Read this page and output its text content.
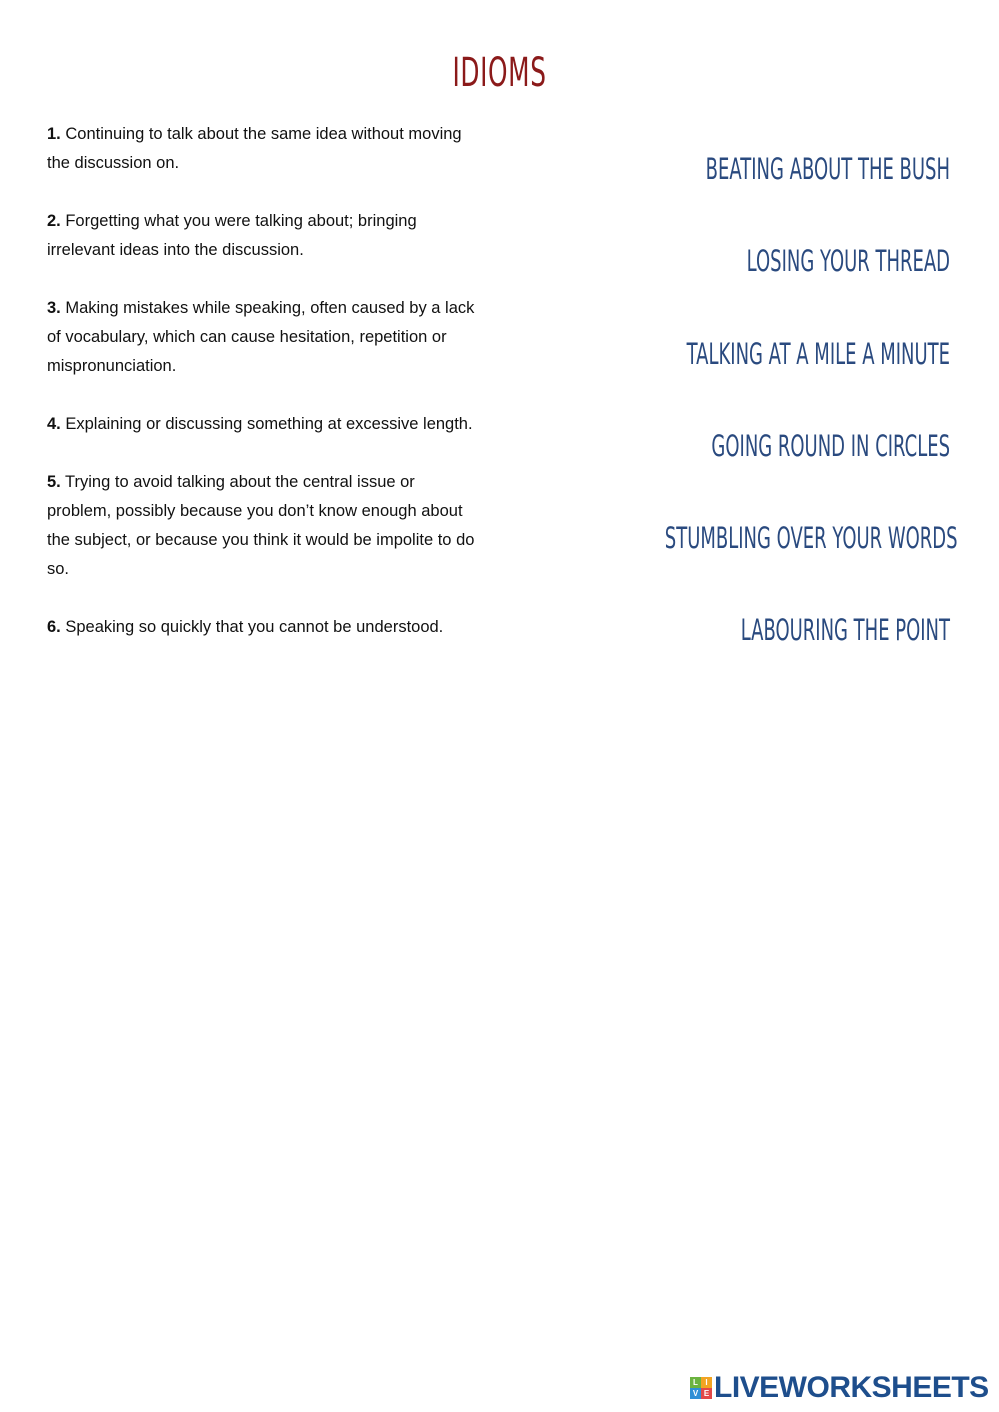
IDIOMS

1. Continuing to talk about the same idea without moving the discussion on.

2. Forgetting what you were talking about; bringing irrelevant ideas into the discussion.

3. Making mistakes while speaking, often caused by a lack of vocabulary, which can cause hesitation, repetition or mispronunciation.

4. Explaining or discussing something at excessive length.

5. Trying to avoid talking about the central issue or problem, possibly because you don’t know enough about the subject, or because you think it would be impolite to do so.

6. Speaking so quickly that you cannot be understood.

BEATING ABOUT THE BUSH
LOSING YOUR THREAD
TALKING AT A MILE A MINUTE
GOING ROUND IN CIRCLES
STUMBLING OVER YOUR WORDS
LABOURING THE POINT
L I
V E LIVEWORKSHEETS
